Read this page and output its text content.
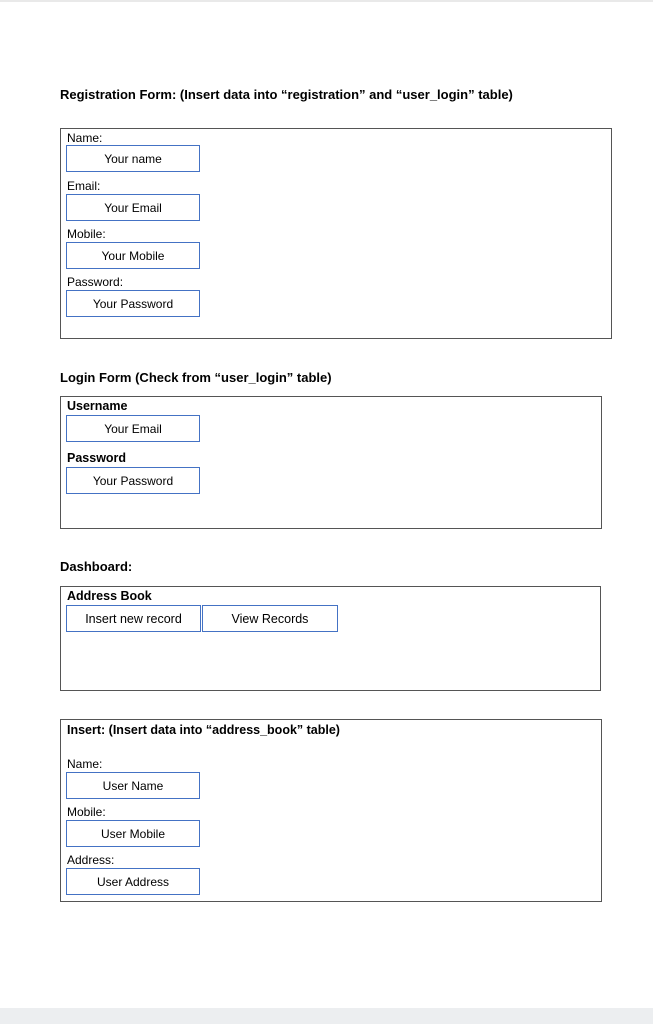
Registration Form: (Insert data into “registration” and “user_login” table)
Name:
Your name
Email:
Your Email
Mobile:
Your Mobile
Password:
Your Password
Login Form (Check from “user_login” table)
Username
Your Email
Password
Your Password
Dashboard:
Address Book
Insert new record	View Records
Insert: (Insert data into “address_book” table)
Name:
User Name
Mobile:
User Mobile
Address:
User Address
